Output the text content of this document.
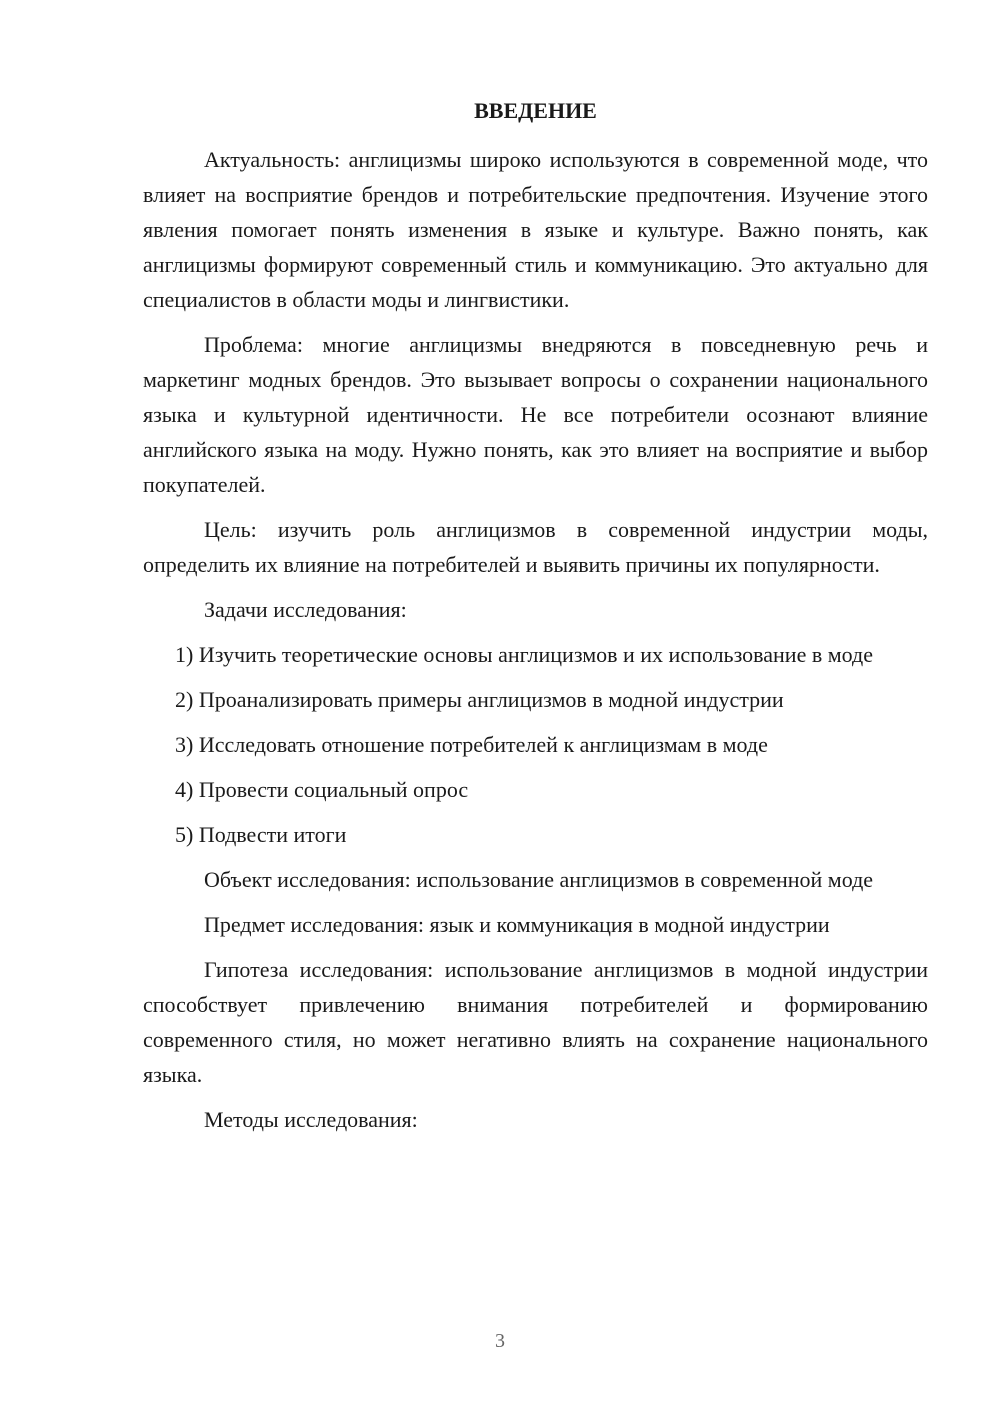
ВВЕДЕНИЕ

Актуальность: англицизмы широко используются в современной моде, что влияет на восприятие брендов и потребительские предпочтения. Изучение этого явления помогает понять изменения в языке и культуре. Важно понять, как англицизмы формируют современный стиль и коммуникацию. Это актуально для специалистов в области моды и лингвистики.

Проблема: многие англицизмы внедряются в повседневную речь и маркетинг модных брендов. Это вызывает вопросы о сохранении национального языка и культурной идентичности. Не все потребители осознают влияние английского языка на моду. Нужно понять, как это влияет на восприятие и выбор покупателей.

Цель: изучить роль англицизмов в современной индустрии моды, определить их влияние на потребителей и выявить причины их популярности.

Задачи исследования:

1) Изучить теоретические основы англицизмов и их использование в моде

2) Проанализировать примеры англицизмов в модной индустрии

3) Исследовать отношение потребителей к англицизмам в моде

4) Провести социальный опрос

5) Подвести итоги

Объект исследования: использование англицизмов в современной моде

Предмет исследования: язык и коммуникация в модной индустрии

Гипотеза исследования: использование англицизмов в модной индустрии способствует привлечению внимания потребителей и формированию современного стиля, но может негативно влиять на сохранение национального языка.

Методы исследования:

3
